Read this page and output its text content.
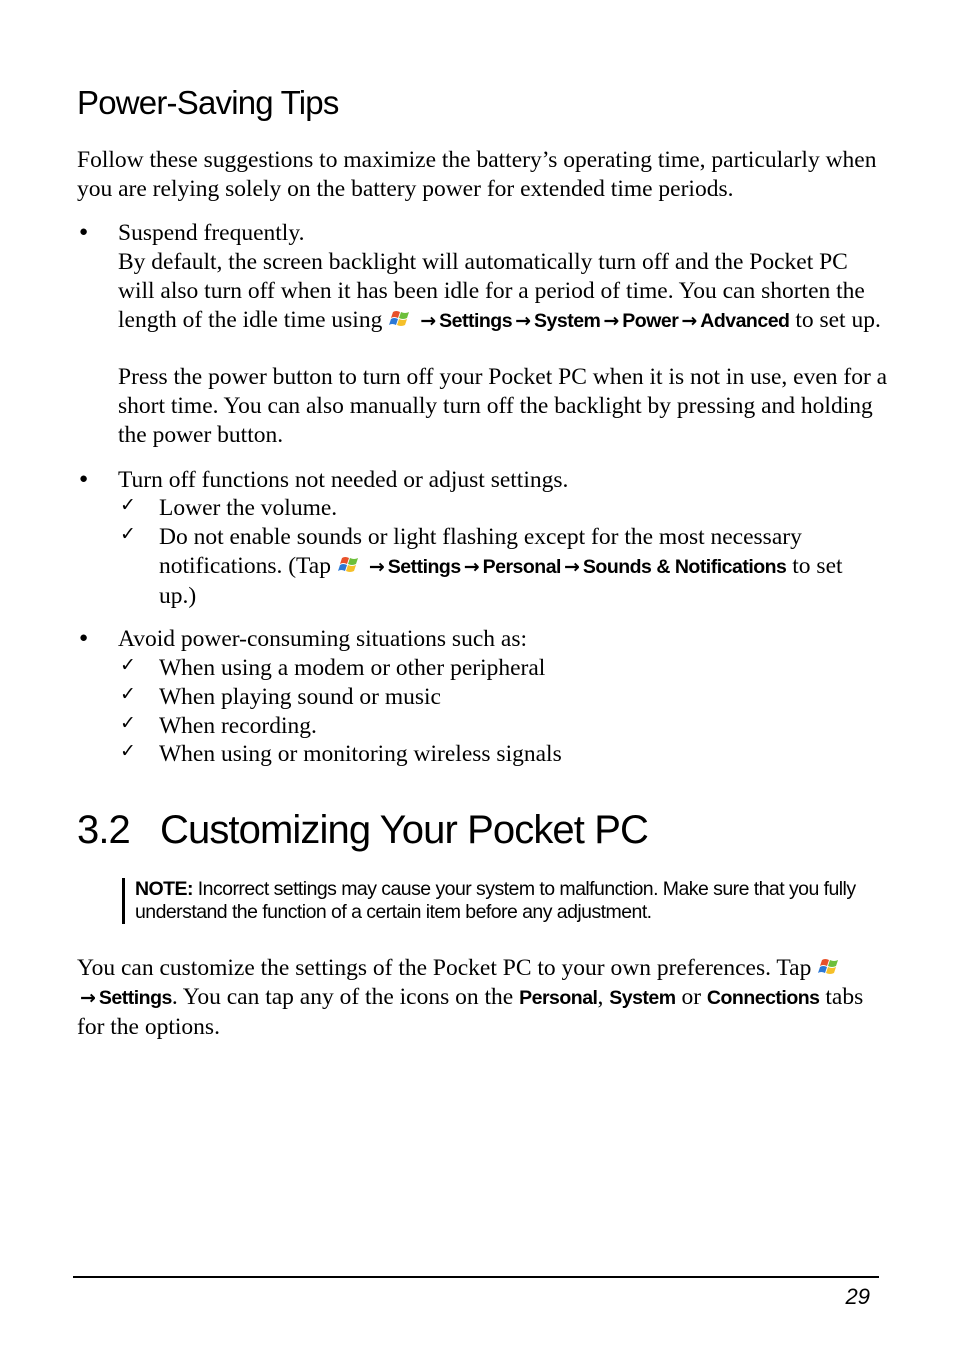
Power-Saving Tips

Follow these suggestions to maximize the battery’s operating time, particularly when you are relying solely on the battery power for extended time periods.

● Suspend frequently.

By default, the screen backlight will automatically turn off and the Pocket PC will also turn off when it has been idle for a period of time. You can shorten the length of the idle time using → Settings → System → Power → Advanced to set up.

Press the power button to turn off your Pocket PC when it is not in use, even for a short time. You can also manually turn off the backlight by pressing and holding the power button.

● Turn off functions not needed or adjust settings.

✓ Lower the volume.

✓ Do not enable sounds or light flashing except for the most necessary notifications. (Tap → Settings → Personal → Sounds & Notifications to set up.)

● Avoid power-consuming situations such as:

✓ When using a modem or other peripheral

✓ When playing sound or music

✓ When recording.

✓ When using or monitoring wireless signals

3.2 Customizing Your Pocket PC
NOTE: Incorrect settings may cause your system to malfunction. Make sure that you fully understand the function of a certain item before any adjustment.

You can customize the settings of the Pocket PC to your own preferences. Tap → Settings. You can tap any of the icons on the Personal, System or Connections tabs for the options.

29
